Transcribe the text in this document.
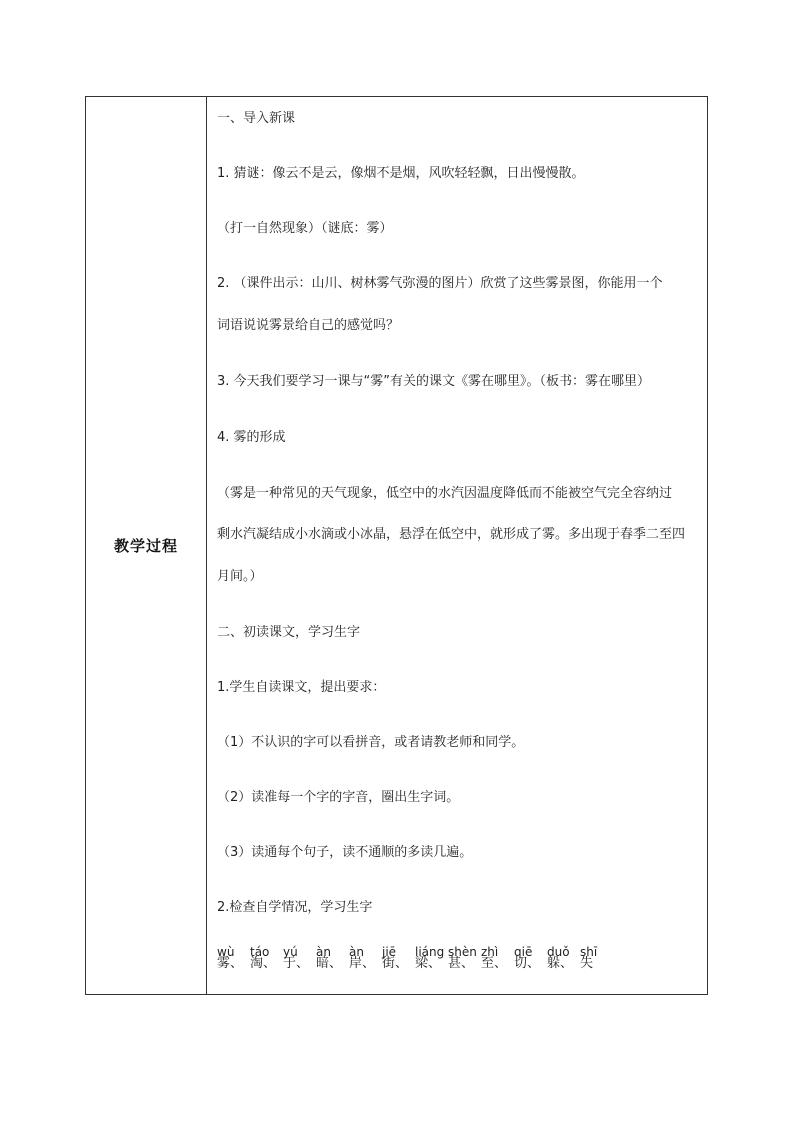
教学过程
一、导入新课
1. 猜谜：像云不是云，像烟不是烟，风吹轻轻飘，日出慢慢散。
（打一自然现象）（谜底：雾）
2. （课件出示：山川、树林雾气弥漫的图片）欣赏了这些雾景图，你能用一个
词语说说雾景给自己的感觉吗？
3. 今天我们要学习一课与“雾”有关的课文《雾在哪里》。（板书：雾在哪里）
4. 雾的形成
（雾是一种常见的天气现象，低空中的水汽因温度降低而不能被空气完全容纳过
剩水汽凝结成小水滴或小冰晶，悬浮在低空中，就形成了雾。多出现于春季二至四
月间。）
二、初读课文，学习生字
1.学生自读课文，提出要求：
（1）不认识的字可以看拼音，或者请教老师和同学。
（2）读准每一个字的字音，圈出生字词。
（3）读通每个句子，读不通顺的多读几遍。
2.检查自学情况，学习生字
wù
雾、
táo
淘、
yú
于、
àn
暗、
àn
岸、
jiē
街、
liáng
梁、
shèn
甚、
zhì
至、
qiē
切、
duǒ
躲、
shī
失
